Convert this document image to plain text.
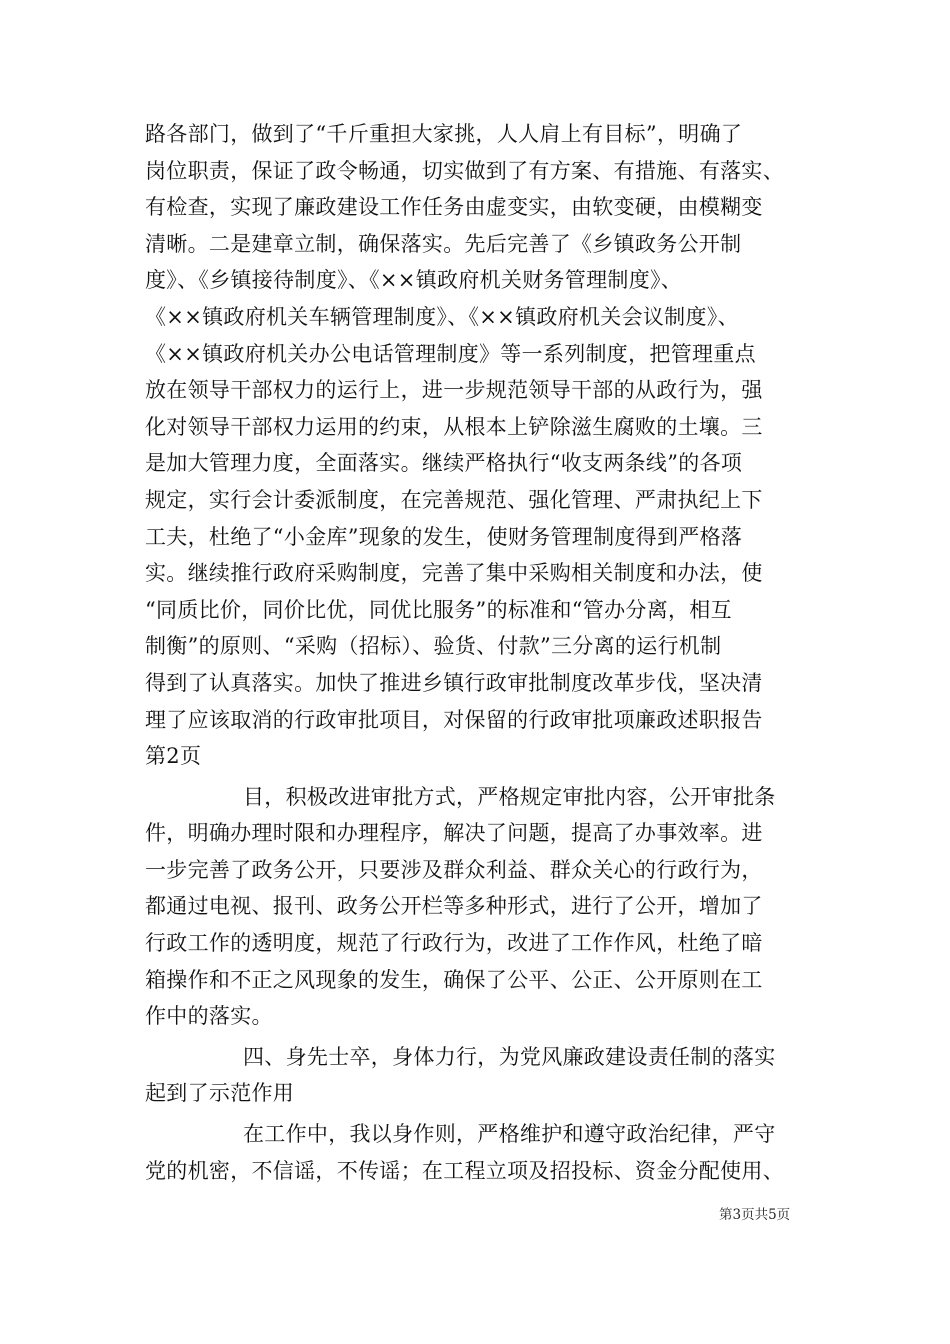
路各部门，做到了“千斤重担大家挑，人人肩上有目标”，明确了
岗位职责，保证了政令畅通，切实做到了有方案、有措施、有落实、
有检查，实现了廉政建设工作任务由虚变实，由软变硬，由模糊变
清晰。二是建章立制，确保落实。先后完善了《乡镇政务公开制
度》、《乡镇接待制度》、《××镇政府机关财务管理制度》、
《××镇政府机关车辆管理制度》、《××镇政府机关会议制度》、
《××镇政府机关办公电话管理制度》等一系列制度，把管理重点
放在领导干部权力的运行上，进一步规范领导干部的从政行为，强
化对领导干部权力运用的约束，从根本上铲除滋生腐败的土壤。三
是加大管理力度，全面落实。继续严格执行“收支两条线”的各项
规定，实行会计委派制度，在完善规范、强化管理、严肃执纪上下
工夫，杜绝了“小金库”现象的发生，使财务管理制度得到严格落
实。继续推行政府采购制度，完善了集中采购相关制度和办法，使
“同质比价，同价比优，同优比服务”的标准和“管办分离，相互
制衡”的原则、“采购（招标）、验货、付款”三分离的运行机制
得到了认真落实。加快了推进乡镇行政审批制度改革步伐，坚决清
理了应该取消的行政审批项目，对保留的行政审批项廉政述职报告
第2页
目，积极改进审批方式，严格规定审批内容，公开审批条
件，明确办理时限和办理程序，解决了问题，提高了办事效率。进
一步完善了政务公开，只要涉及群众利益、群众关心的行政行为，
都通过电视、报刊、政务公开栏等多种形式，进行了公开，增加了
行政工作的透明度，规范了行政行为，改进了工作作风，杜绝了暗
箱操作和不正之风现象的发生，确保了公平、公正、公开原则在工
作中的落实。
四、身先士卒，身体力行，为党风廉政建设责任制的落实
起到了示范作用
在工作中，我以身作则，严格维护和遵守政治纪律，严守
党的机密，不信谣，不传谣；在工程立项及招投标、资金分配使用、
第3页共5页
